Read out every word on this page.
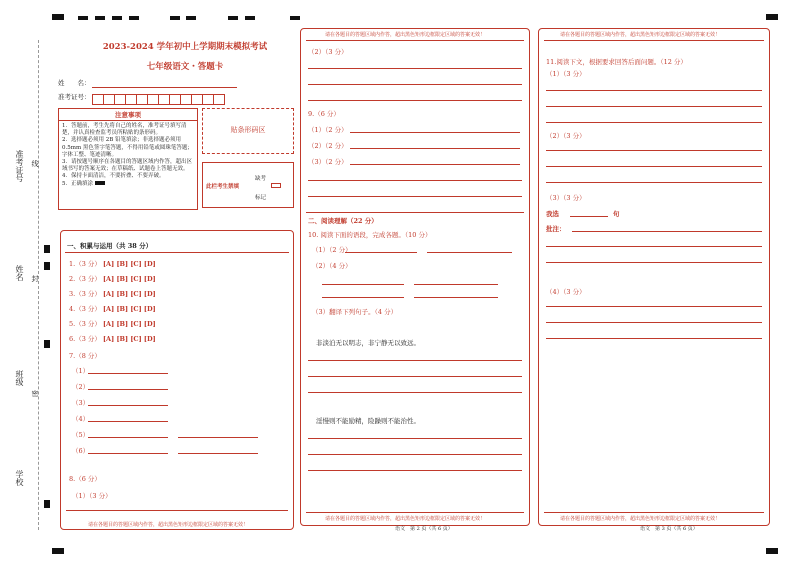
准考证号
姓名
班级
学校
线
封
密
2023-2024 学年初中上学期期末模拟考试
七年级语文・答题卡
姓　　名：
准考证号：
注意事项
1．答题前，考生先将自己的姓名，准考证号填写清楚，并认真检查监考员所粘贴的条形码。
2．选择题必须用 2B 铅笔填涂；非选择题必须用 0.5mm 黑色签字笔答题，不得用铅笔或圆珠笔答题；字体工整、笔迹清晰。
3．请按题号顺序在各题目的答题区域内作答，超出区域书写的答案无效；在草稿纸、试题卷上答题无效。
4．保持卡面清洁，不要折叠、不要弄破。
5．正确填涂
贴条形码区
此栏考生禁填
缺考
标记
一、积累与运用（共 38 分）
1.（3 分） [A] [B] [C] [D]
2.（3 分） [A] [B] [C] [D]
3.（3 分） [A] [B] [C] [D]
4.（3 分） [A] [B] [C] [D]
5.（3 分） [A] [B] [C] [D]
6.（3 分） [A] [B] [C] [D]
7.（8 分）
（1）
（2）
（3）
（4）
（5）
（6）
8.（6 分）
（1）（3 分）
请在各题目的答题区域内作答，超出黑色矩形边框限定区域的答案无效！
请在各题目的答题区域内作答，超出黑色矩形边框限定区域的答案无效！
（2）（3 分）
9.（6 分）
（1）（2 分）
（2）（2 分）
（3）（2 分）
二、阅读理解（22 分）
10. 阅读下面的语段，完成各题。（10 分）
（1）（2 分）
（2）（4 分）
（3）翻译下列句子。（4 分）
非淡泊无以明志，非宁静无以致远。
淫慢则不能励精，险躁则不能治性。
请在各题目的答题区域内作答，超出黑色矩形边框限定区域的答案无效！
语文　第 2 页（共 6 页）
请在各题目的答题区域内作答，超出黑色矩形边框限定区域的答案无效！
11.阅读下文，根据要求回答后面问题。（12 分）
（1）（3 分）
（2）（3 分）
（3）（3 分）
我选	句
批注：
（4）（3 分）
请在各题目的答题区域内作答，超出黑色矩形边框限定区域的答案无效！
语文　第 3 页（共 6 页）
